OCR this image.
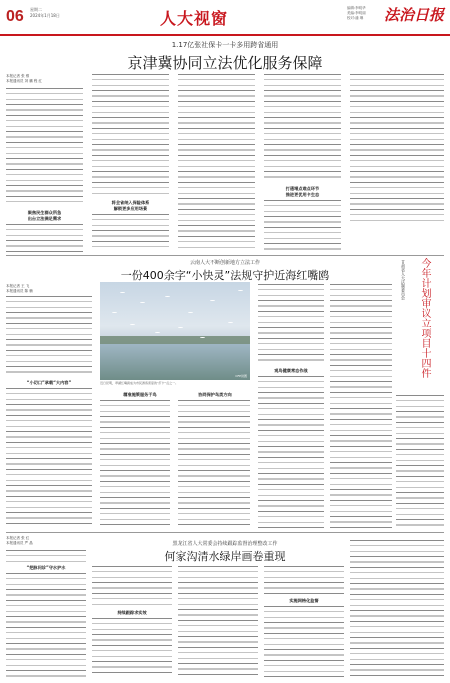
06 星期二
2024年1月18日	人大视窗
编辑:李明华
美编:李明丽
校对:潘 琳	法治日报
1.17亿张社保卡一卡多用跨省通用
京津冀协同立法优化服务保障
本报记者 张 维
本报通讯员 刘 鹏 程 红
聚焦民生群众所急
出台立法满足需求
将全省纳入保险体系
解锁更多应用场景
打通堵点难点环节
推进更优用卡生态
云南人大不断创新地方立法工作
一份400余字“小快灵”法规守护近海红嘴鸥
本报记者 王 飞
本报通讯员 陈 楠
“小切口”承载“大内容”
CFP供图
近日昆明，翠湖红嘴鸥成为市民游客喜爱的“打卡”点之一。
精准施策服务于鸟	协同保护鸟类方向
观鸟健康常态作战
甘肃省人大法制委员会	今年计划审议立项目十四件
黑龙江省人大常委会持续跟踪监督治理整改工作
何家沟清水绿岸画卷重现
本报记者 张 红
本报通讯员 严 晶
“把脉问诊”守水护水
持续跟踪求实效
实施网格化监督
